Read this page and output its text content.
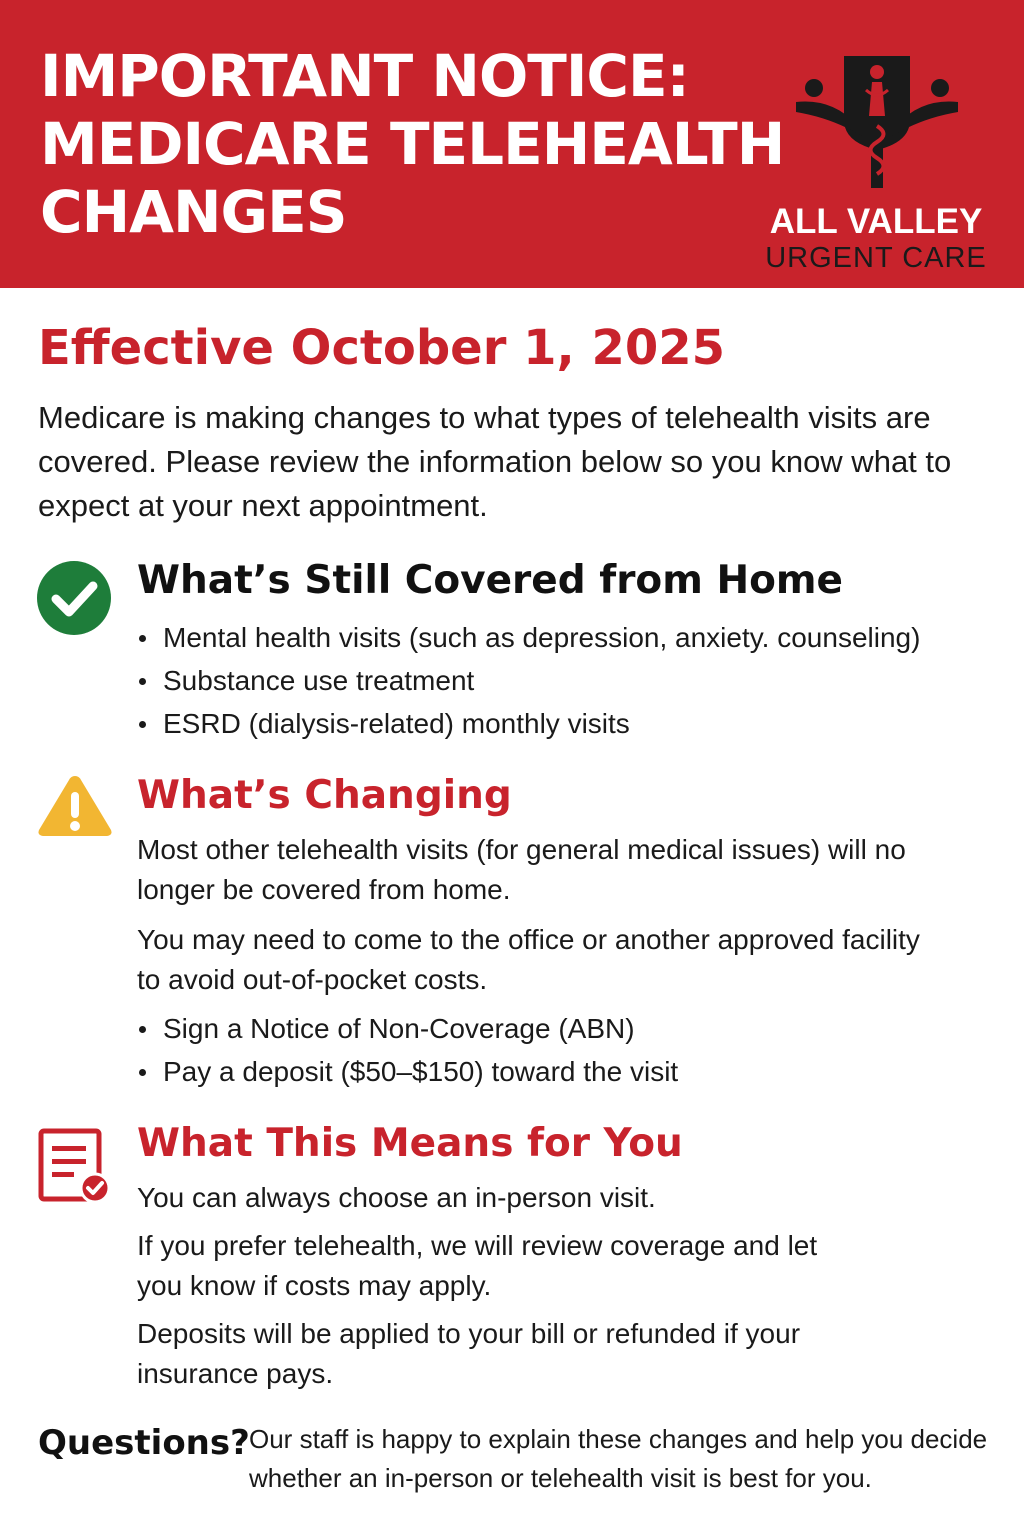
IMPORTANT NOTICE:
MEDICARE TELEHEALTH
CHANGES	ALL VALLEY
URGENT CARE
Effective October 1, 2025

Medicare is making changes to what types of telehealth visits are covered. Please review the information below so you know what to expect at your next appointment.

What’s Still Covered from Home
Mental health visits (such as depression, anxiety. counseling)
Substance use treatment
ESRD (dialysis-related) monthly visits
What’s Changing

Most other telehealth visits (for general medical issues) will no longer be covered from home.

You may need to come to the office or another approved facility to avoid out-of-pocket costs.

Sign a Notice of Non-Coverage (ABN)
Pay a deposit ($50–$150) toward the visit
What This Means for You

You can always choose an in-person visit.

If you prefer telehealth, we will review coverage and let you know if costs may apply.

Deposits will be applied to your bill or refunded if your insurance pays.

Questions? Our staff is happy to explain these changes and help you decide whether an in-person or telehealth visit is best for you.
